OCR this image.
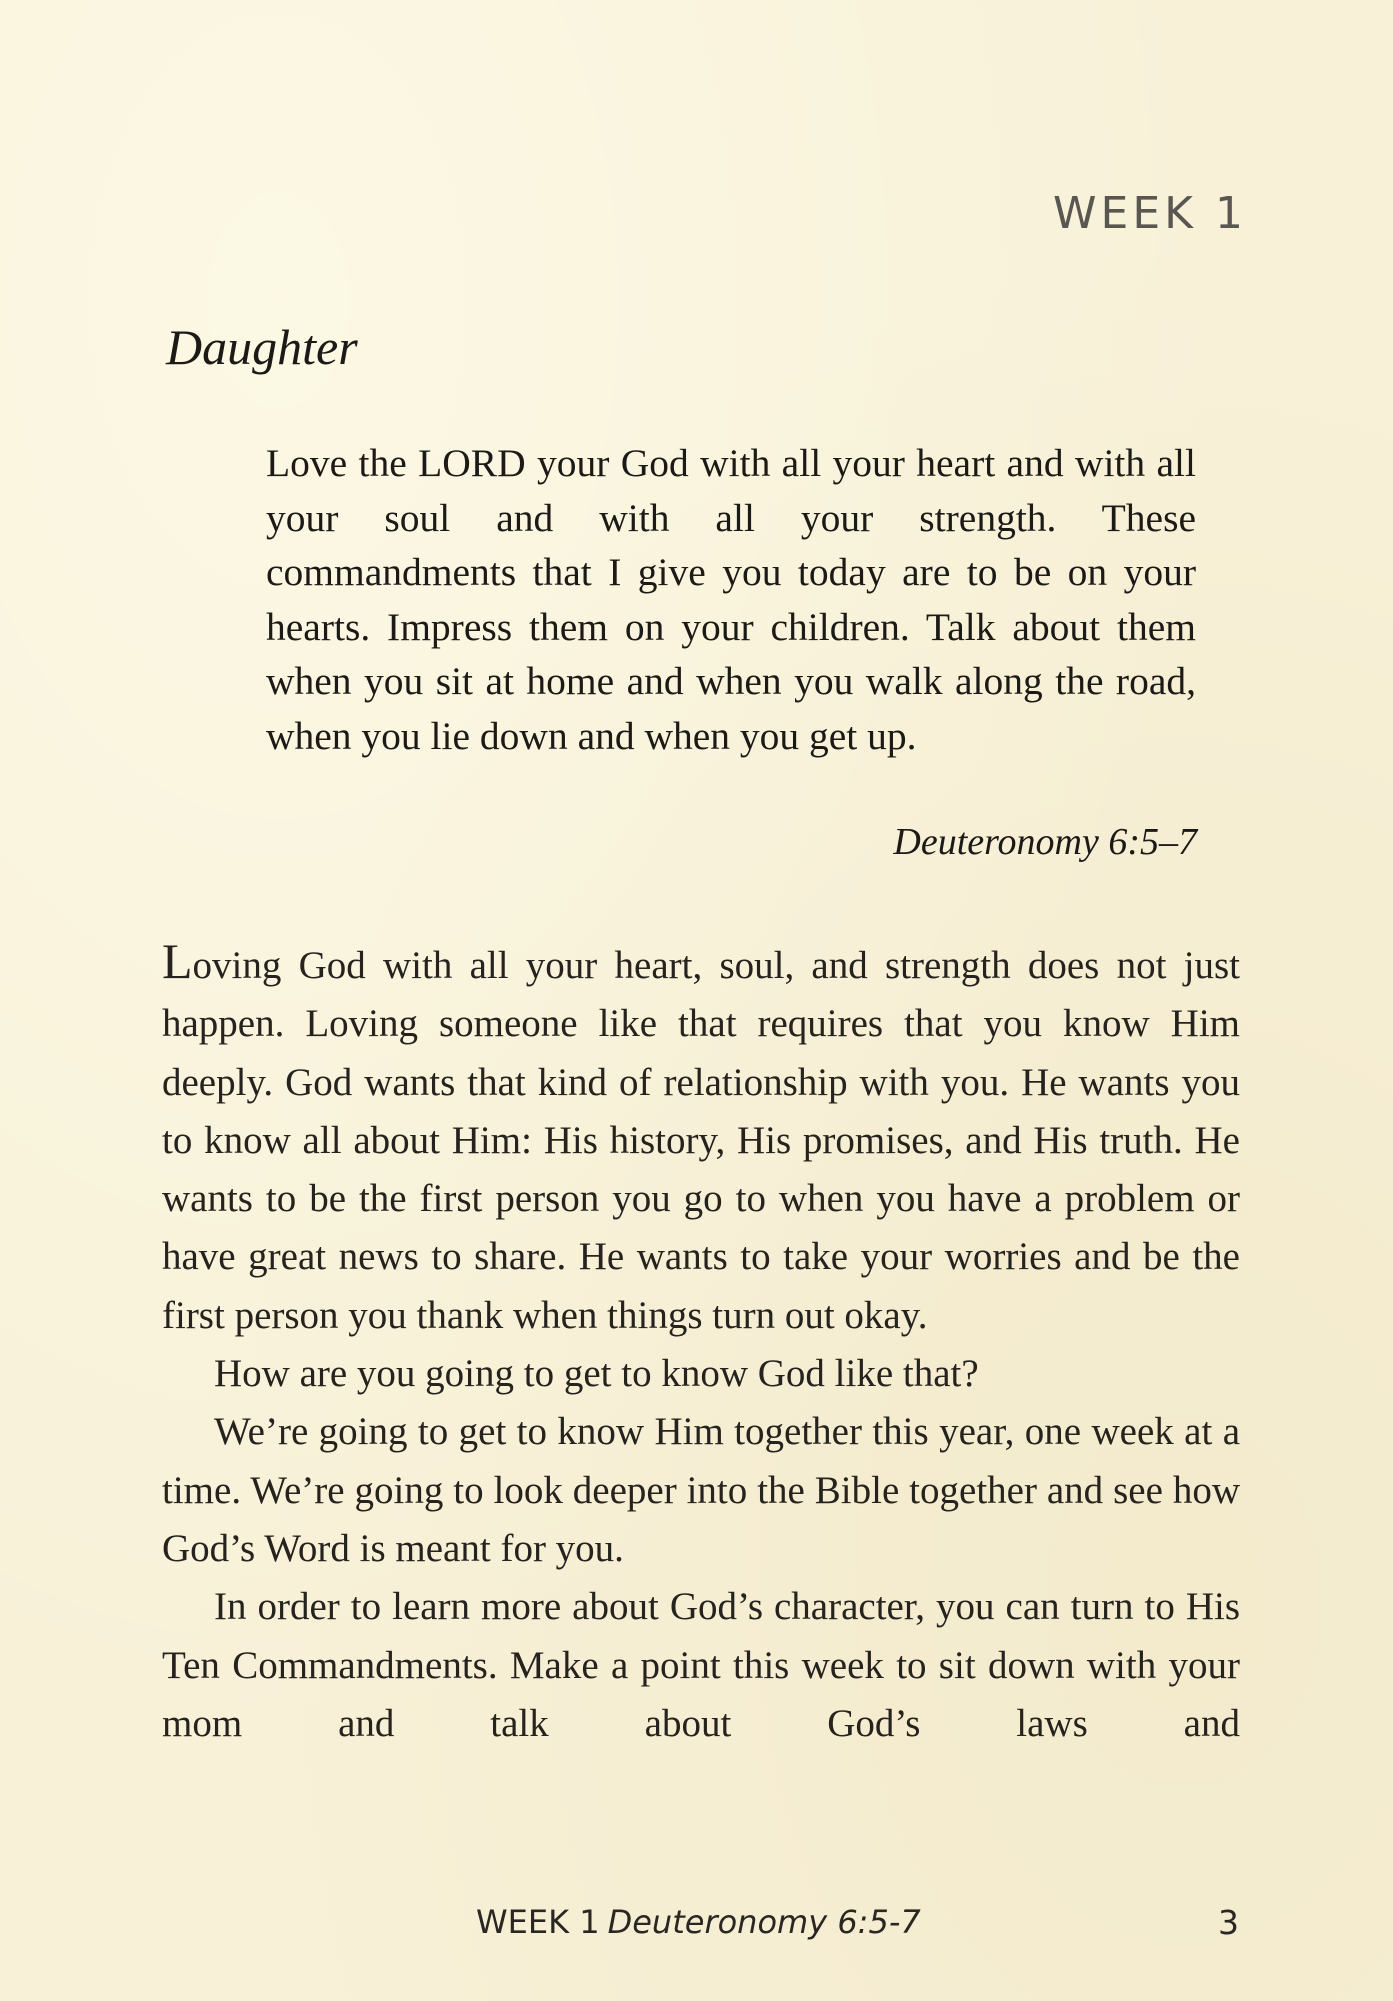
WEEK 1
Daughter
Love the LORD your God with all your heart and with all your soul and with all your strength. These commandments that I give you today are to be on your hearts. Impress them on your children. Talk about them when you sit at home and when you walk along the road, when you lie down and when you get up.
Deuteronomy 6:5–7

Loving God with all your heart, soul, and strength does not just happen. Loving someone like that requires that you know Him deeply. God wants that kind of relationship with you. He wants you to know all about Him: His history, His promises, and His truth. He wants to be the first person you go to when you have a problem or have great news to share. He wants to take your worries and be the first person you thank when things turn out okay.

How are you going to get to know God like that?

We’re going to get to know Him together this year, one week at a time. We’re going to look deeper into the Bible together and see how God’s Word is meant for you.

In order to learn more about God’s character, you can turn to His Ten Commandments. Make a point this week to sit down with your mom and talk about God’s laws and

WEEK 1 Deuteronomy 6:5-7	3
